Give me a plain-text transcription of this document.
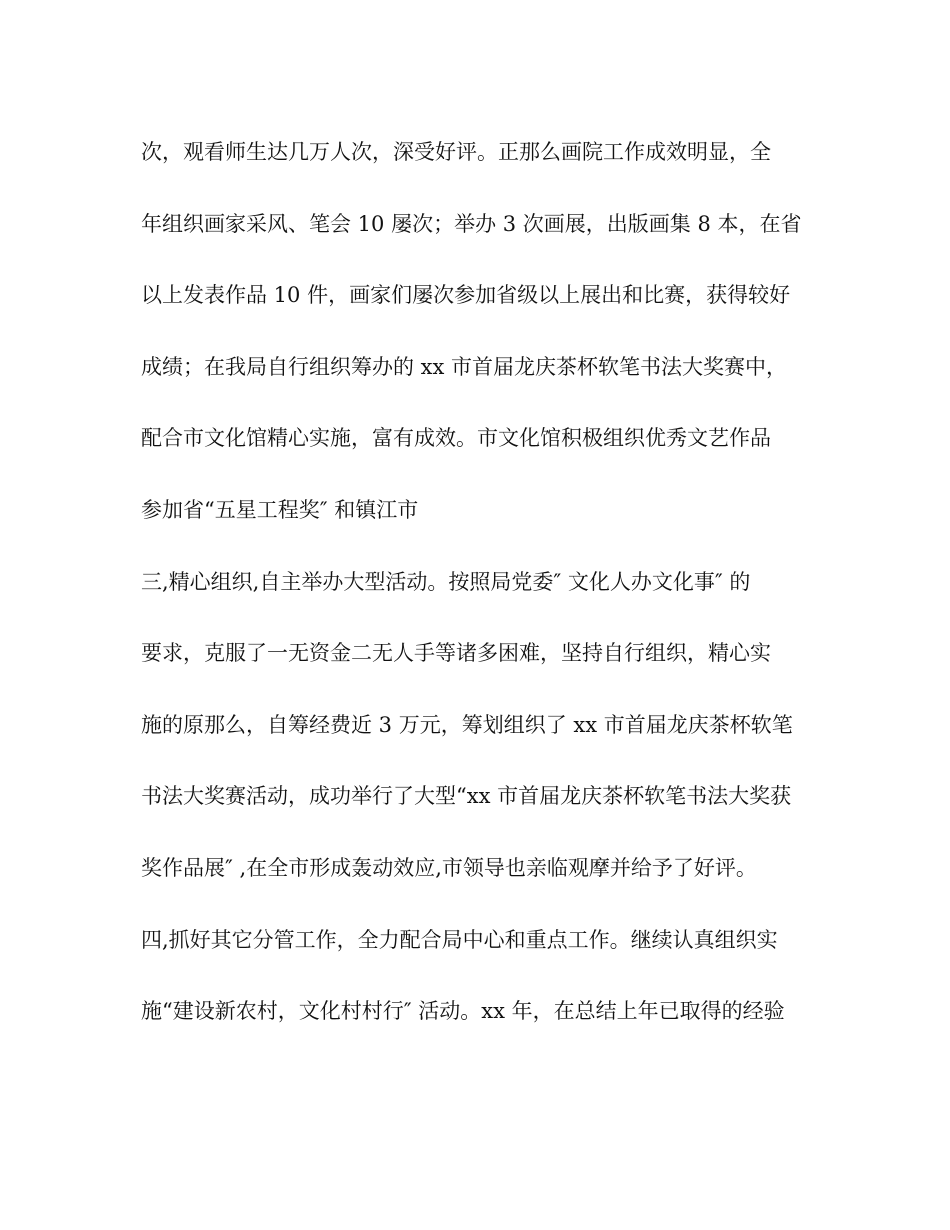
次，观看师生达几万人次，深受好评。正那么画院工作成效明显，全
年组织画家采风、笔会 10 屡次；举办 3 次画展，出版画集 8 本，在省
以上发表作品 10 件，画家们屡次参加省级以上展出和比赛，获得较好
成绩；在我局自行组织筹办的 xx 市首届龙庆茶杯软笔书法大奖赛中，
配合市文化馆精心实施，富有成效。市文化馆积极组织优秀文艺作品
参加省“五星工程奖″ 和镇江市
三,精心组织,自主举办大型活动。按照局党委″ 文化人办文化事″ 的
要求，克服了一无资金二无人手等诸多困难，坚持自行组织，精心实
施的原那么，自筹经费近 3 万元，筹划组织了 xx 市首届龙庆茶杯软笔
书法大奖赛活动，成功举行了大型“xx 市首届龙庆茶杯软笔书法大奖获
奖作品展″ ,在全市形成轰动效应,市领导也亲临观摩并给予了好评。
四,抓好其它分管工作，全力配合局中心和重点工作。继续认真组织实
施“建设新农村，文化村村行″ 活动。xx 年，在总结上年已取得的经验
